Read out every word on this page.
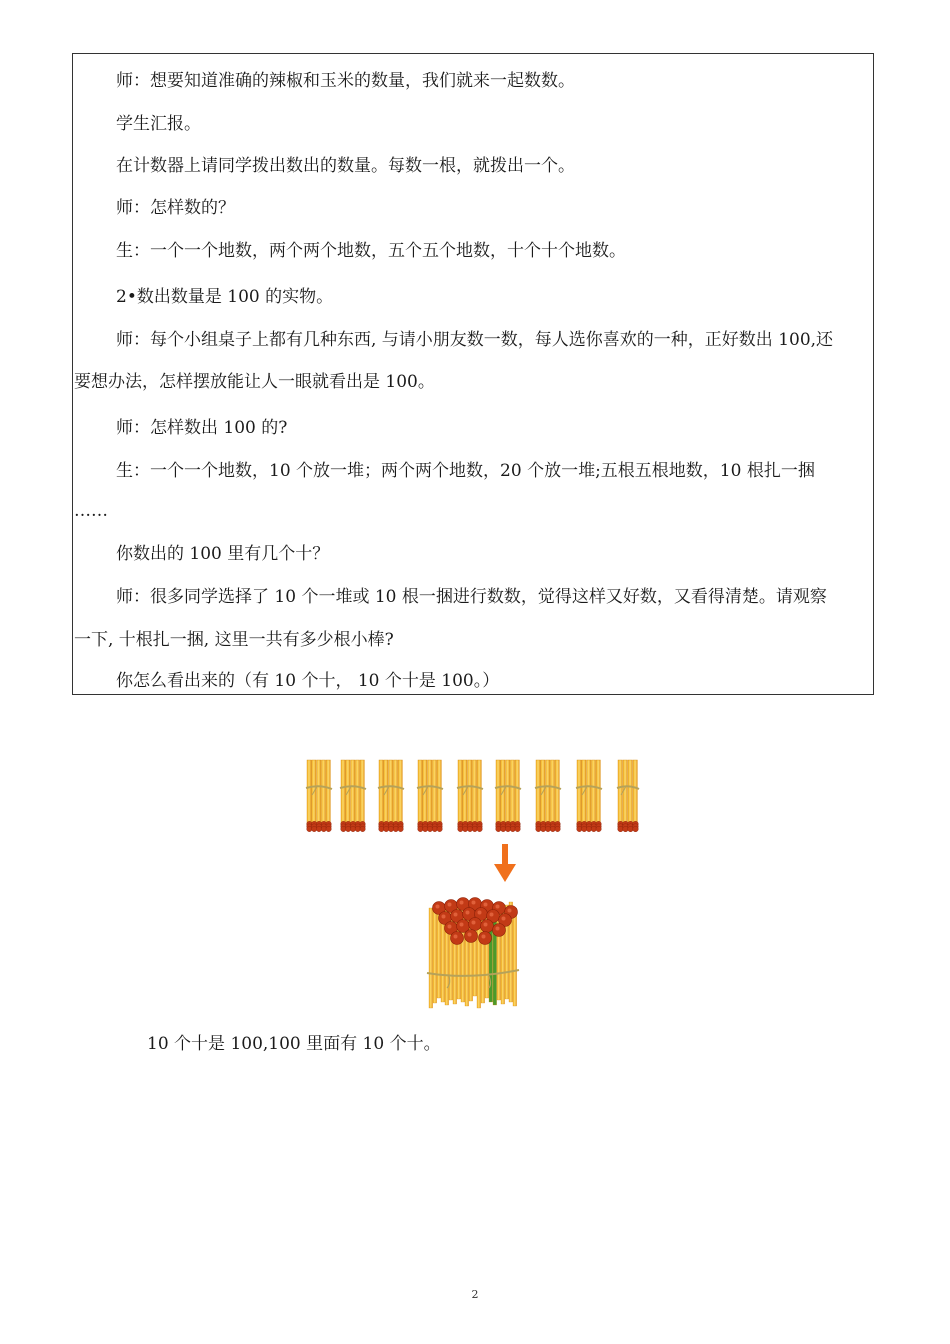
师：想要知道准确的辣椒和玉米的数量，我们就来一起数数。
学生汇报。
在计数器上请同学拨出数出的数量。每数一根，就拨出一个。
师：怎样数的？
生：一个一个地数，两个两个地数，五个五个地数，十个十个地数。
2•数出数量是 100 的实物。
师：每个小组桌子上都有几种东西, 与请小朋友数一数，每人选你喜欢的一种，正好数出 100,还
要想办法，怎样摆放能让人一眼就看出是 100。
师：怎样数出 100 的?
生：一个一个地数，10 个放一堆；两个两个地数，20 个放一堆;五根五根地数，10 根扎一捆
……
你数出的 100 里有几个十？
师：很多同学选择了 10 个一堆或 10 根一捆进行数数，觉得这样又好数，又看得清楚。请观察
一下, 十根扎一捆, 这里一共有多少根小棒?
你怎么看出来的（有 10 个十， 10 个十是 100。）
10 个十是 100,100 里面有 10 个十。
2
